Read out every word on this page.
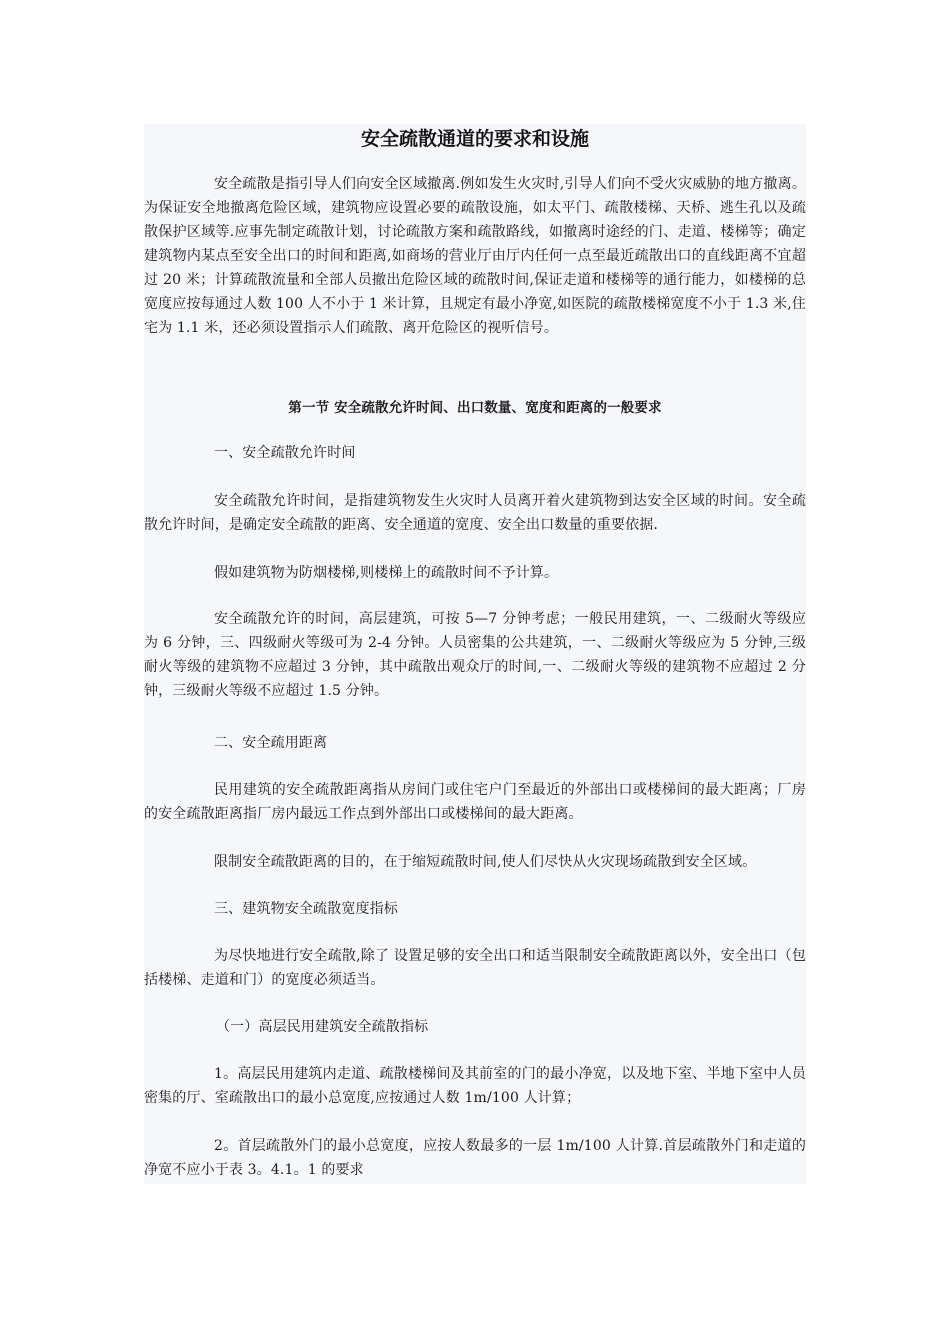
安全疏散通道的要求和设施

安全疏散是指引导人们向安全区域撤离.例如发生火灾时,引导人们向不受火灾威胁的地方撤离。为保证安全地撤离危险区域，建筑物应设置必要的疏散设施，如太平门、疏散楼梯、天桥、逃生孔以及疏散保护区域等.应事先制定疏散计划，讨论疏散方案和疏散路线，如撤离时途经的门、走道、楼梯等；确定建筑物内某点至安全出口的时间和距离,如商场的营业厅由厅内任何一点至最近疏散出口的直线距离不宜超过 20 米；计算疏散流量和全部人员撤出危险区域的疏散时间,保证走道和楼梯等的通行能力，如楼梯的总宽度应按每通过人数 100 人不小于 1 米计算，且规定有最小净宽,如医院的疏散楼梯宽度不小于 1.3 米,住宅为 1.1 米，还必须设置指示人们疏散、离开危险区的视听信号。

第一节 安全疏散允许时间、出口数量、宽度和距离的一般要求

一、安全疏散允许时间

安全疏散允许时间，是指建筑物发生火灾时人员离开着火建筑物到达安全区域的时间。安全疏散允许时间，是确定安全疏散的距离、安全通道的宽度、安全出口数量的重要依据.

假如建筑物为防烟楼梯,则楼梯上的疏散时间不予计算。

安全疏散允许的时间，高层建筑，可按 5—7 分钟考虑；一般民用建筑，一、二级耐火等级应为 6 分钟，三、四级耐火等级可为 2-4 分钟。人员密集的公共建筑，一、二级耐火等级应为 5 分钟,三级耐火等级的建筑物不应超过 3 分钟，其中疏散出观众厅的时间,一、二级耐火等级的建筑物不应超过 2 分钟，三级耐火等级不应超过 1.5 分钟。

二、安全疏用距离

民用建筑的安全疏散距离指从房间门或住宅户门至最近的外部出口或楼梯间的最大距离；厂房的安全疏散距离指厂房内最远工作点到外部出口或楼梯间的最大距离。

限制安全疏散距离的目的，在于缩短疏散时间,使人们尽快从火灾现场疏散到安全区域。

三、建筑物安全疏散宽度指标

为尽快地进行安全疏散,除了 设置足够的安全出口和适当限制安全疏散距离以外，安全出口（包括楼梯、走道和门）的宽度必须适当。

（一）高层民用建筑安全疏散指标

1。高层民用建筑内走道、疏散楼梯间及其前室的门的最小净宽，以及地下室、半地下室中人员密集的厅、室疏散出口的最小总宽度,应按通过人数 1m/100 人计算；

2。首层疏散外门的最小总宽度，应按人数最多的一层 1m/100 人计算.首层疏散外门和走道的净宽不应小于表 3。4.1。1 的要求
